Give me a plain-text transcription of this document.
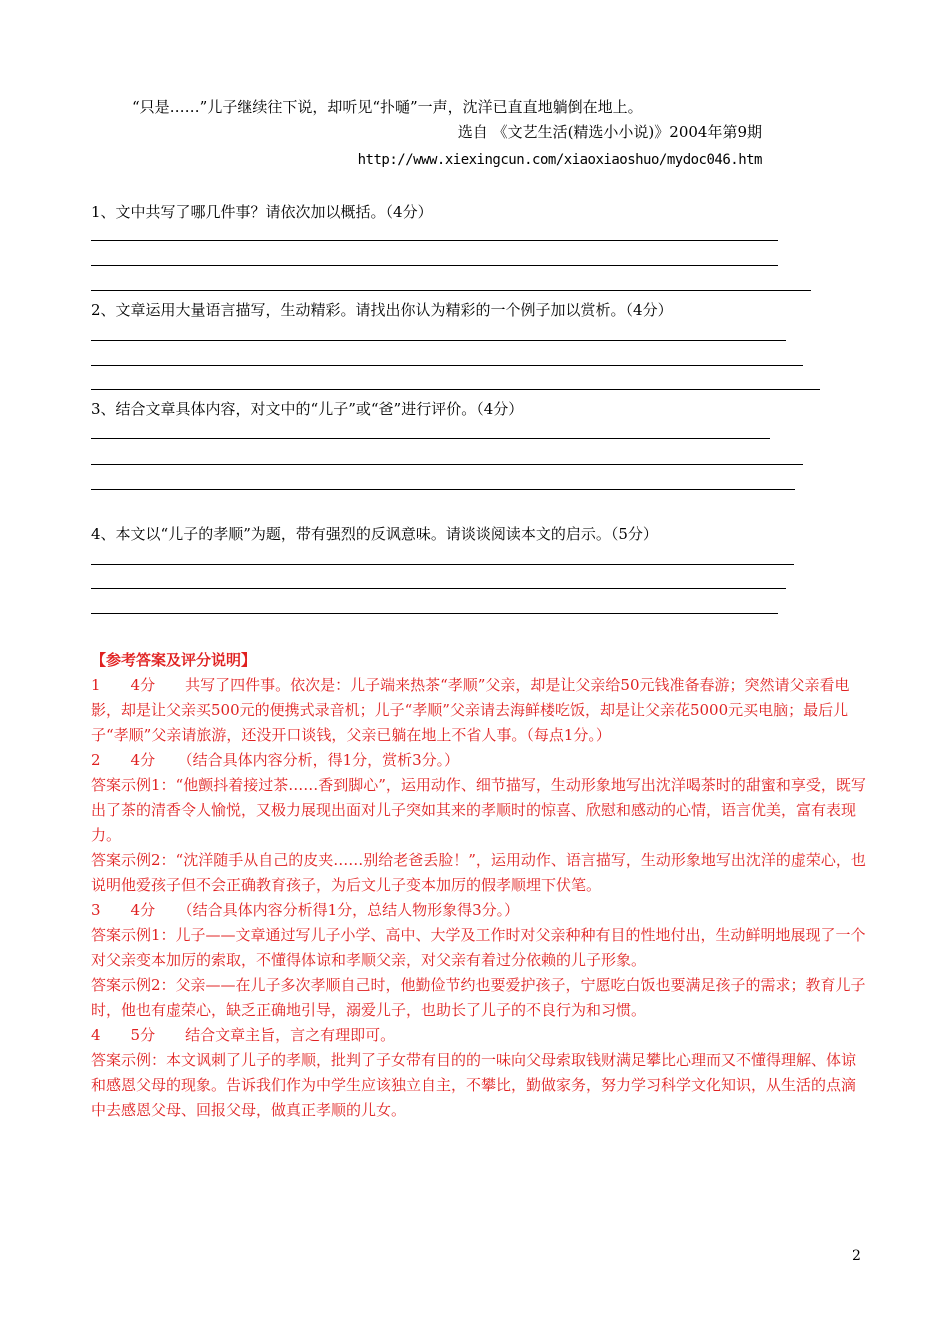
“只是……”儿子继续往下说，却听见“扑嗵”一声，沈洋已直直地躺倒在地上。
选自 《文艺生活(精选小小说)》2004年第9期
http://www.xiexingcun.com/xiaoxiaoshuo/mydoc046.htm
1、文中共写了哪几件事？请依次加以概括。（4分）
2、文章运用大量语言描写，生动精彩。请找出你认为精彩的一个例子加以赏析。（4分）
3、结合文章具体内容，对文中的“儿子”或“爸”进行评价。（4分）
4、本文以“儿子的孝顺”为题，带有强烈的反讽意味。请谈谈阅读本文的启示。（5分）

【参考答案及评分说明】

1　　4分　　共写了四件事。依次是：儿子端来热茶“孝顺”父亲，却是让父亲给50元钱准备春游；突然请父亲看电影，却是让父亲买500元的便携式录音机；儿子“孝顺”父亲请去海鲜楼吃饭，却是让父亲花5000元买电脑；最后儿子“孝顺”父亲请旅游，还没开口谈钱，父亲已躺在地上不省人事。（每点1分。）

2　　4分　　（结合具体内容分析，得1分，赏析3分。）

答案示例1：“他颤抖着接过茶……香到脚心”，运用动作、细节描写，生动形象地写出沈洋喝茶时的甜蜜和享受，既写出了茶的清香令人愉悦，又极力展现出面对儿子突如其来的孝顺时的惊喜、欣慰和感动的心情，语言优美，富有表现力。

答案示例2：“沈洋随手从自己的皮夹……别给老爸丢脸！”，运用动作、语言描写，生动形象地写出沈洋的虚荣心，也说明他爱孩子但不会正确教育孩子，为后文儿子变本加厉的假孝顺埋下伏笔。

3　　4分　　（结合具体内容分析得1分，总结人物形象得3分。）

答案示例1：儿子——文章通过写儿子小学、高中、大学及工作时对父亲种种有目的性地付出，生动鲜明地展现了一个对父亲变本加厉的索取，不懂得体谅和孝顺父亲，对父亲有着过分依赖的儿子形象。

答案示例2：父亲——在儿子多次孝顺自己时，他勤俭节约也要爱护孩子，宁愿吃白饭也要满足孩子的需求；教育儿子时，他也有虚荣心，缺乏正确地引导，溺爱儿子，也助长了儿子的不良行为和习惯。

4　　5分　　结合文章主旨，言之有理即可。

答案示例：本文讽刺了儿子的孝顺，批判了子女带有目的的一味向父母索取钱财满足攀比心理而又不懂得理解、体谅和感恩父母的现象。告诉我们作为中学生应该独立自主，不攀比，勤做家务，努力学习科学文化知识，从生活的点滴中去感恩父母、回报父母，做真正孝顺的儿女。

2
